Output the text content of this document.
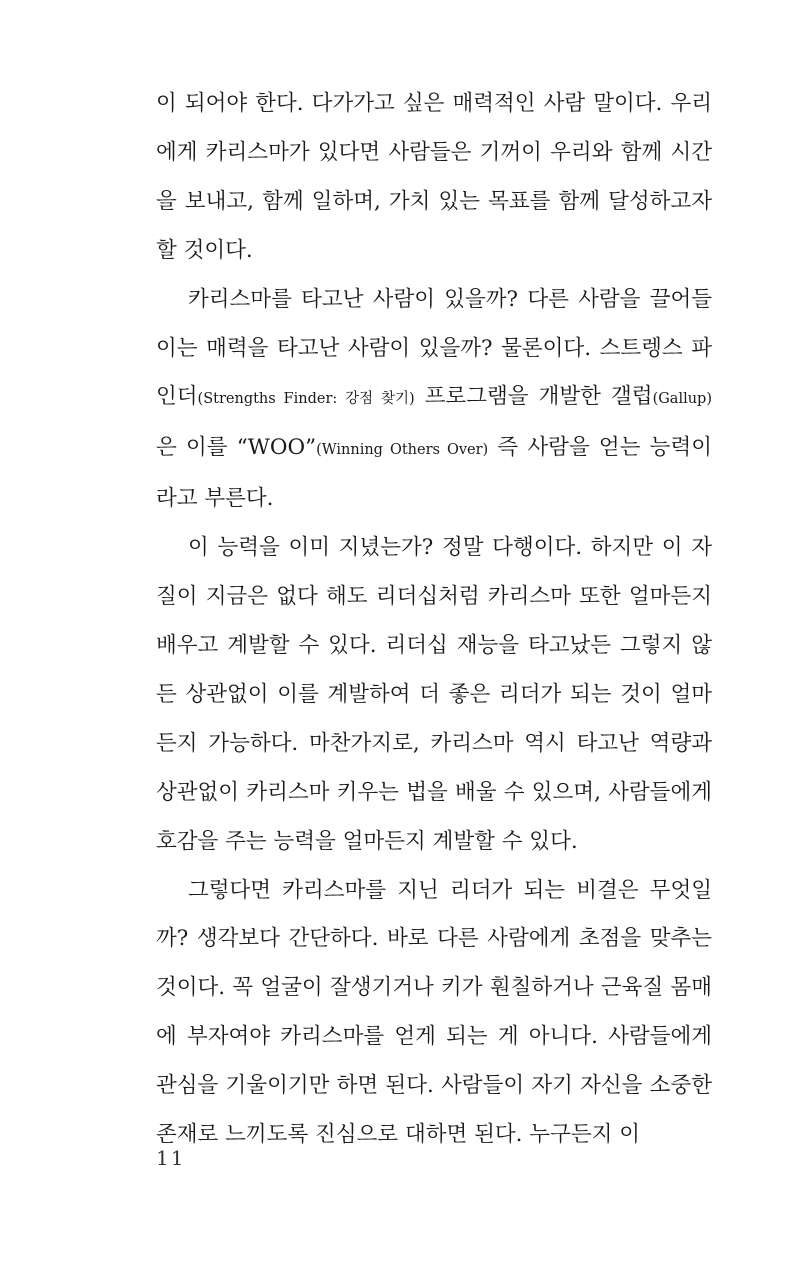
이 되어야 한다. 다가가고 싶은 매력적인 사람 말이다. 우리에게 카리스마가 있다면 사람들은 기꺼이 우리와 함께 시간을 보내고, 함께 일하며, 가치 있는 목표를 함께 달성하고자 할 것이다.

카리스마를 타고난 사람이 있을까? 다른 사람을 끌어들이는 매력을 타고난 사람이 있을까? 물론이다. 스트렝스 파인더(Strengths Finder: 강점 찾기) 프로그램을 개발한 갤럽(Gallup)은 이를 “WOO”(Winning Others Over) 즉 사람을 얻는 능력이라고 부른다.

이 능력을 이미 지녔는가? 정말 다행이다. 하지만 이 자질이 지금은 없다 해도 리더십처럼 카리스마 또한 얼마든지 배우고 계발할 수 있다. 리더십 재능을 타고났든 그렇지 않든 상관없이 이를 계발하여 더 좋은 리더가 되는 것이 얼마든지 가능하다. 마찬가지로, 카리스마 역시 타고난 역량과 상관없이 카리스마 키우는 법을 배울 수 있으며, 사람들에게 호감을 주는 능력을 얼마든지 계발할 수 있다.

그렇다면 카리스마를 지닌 리더가 되는 비결은 무엇일까? 생각보다 간단하다. 바로 다른 사람에게 초점을 맞추는 것이다. 꼭 얼굴이 잘생기거나 키가 훤칠하거나 근육질 몸매에 부자여야 카리스마를 얻게 되는 게 아니다. 사람들에게 관심을 기울이기만 하면 된다. 사람들이 자기 자신을 소중한 존재로 느끼도록 진심으로 대하면 된다. 누구든지 이

11
